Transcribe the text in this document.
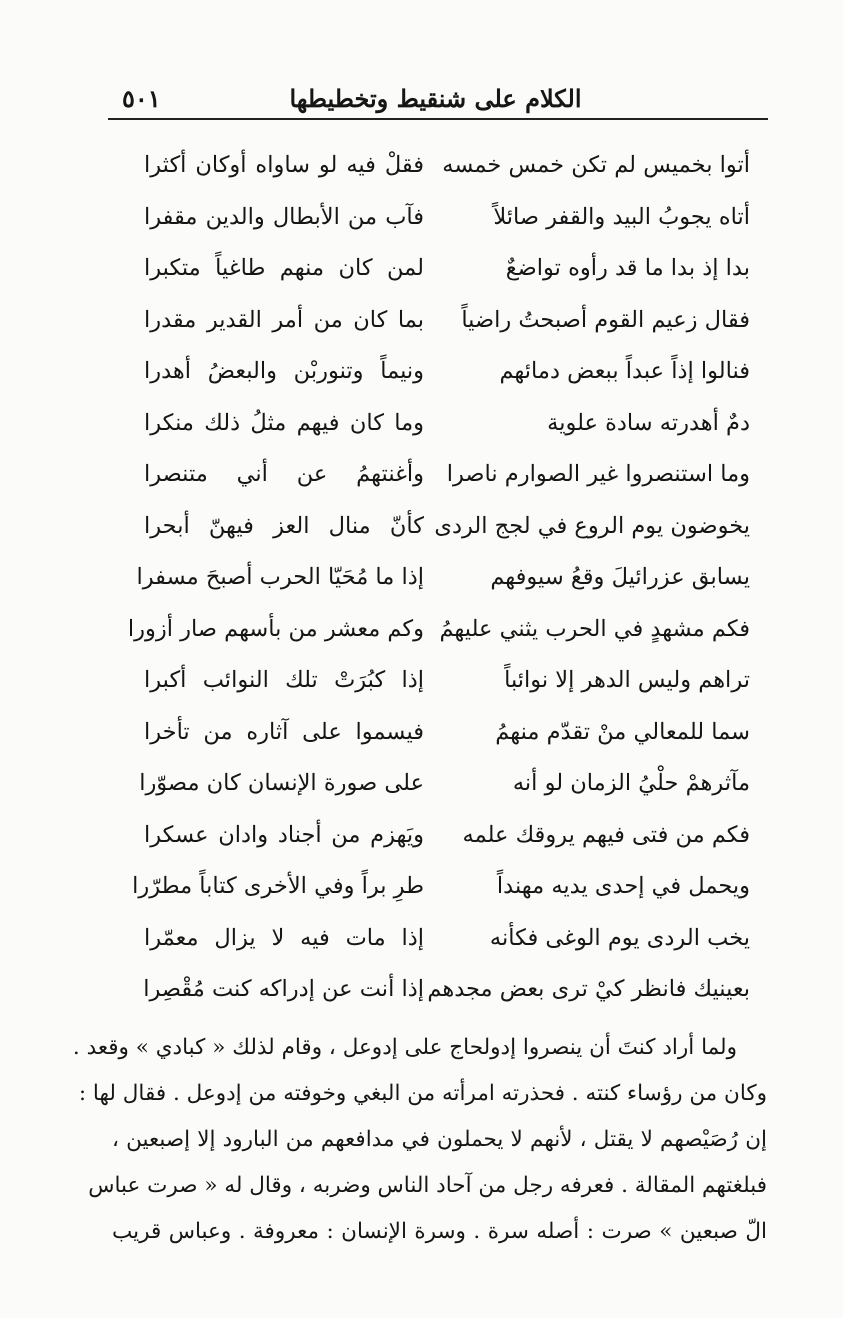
الكلام على شنقيط وتخطيطها
٥٠١
أتوا بخميس لم تكن خمس خمسه
فقلْ فيه لو ساواه أوكان أكثرا
أتاه يجوبُ البيد والقفر صائلاً
فآب من الأبطال والدين مقفرا
بدا إذ بدا ما قد رأوه تواضعٌ
لمن كان منهم طاغياً متكبرا
فقال زعيم القوم أصبحتُ راضياً
بما كان من أمر القدير مقدرا
فنالوا إذاً عبداً ببعض دمائهم
ونيماً وتنوربْن والبعضُ أهدرا
دمٌ أهدرته سادة علوية
وما كان فيهم مثلُ ذلك منكرا
وما استنصروا غير الصوارم ناصرا
وأغنتهمُ عن أني متنصرا
يخوضون يوم الروع في لجج الردى
كأنّ منال العز فيهنّ أبحرا
يسابق عزرائيلَ وقعُ سيوفهم
إذا ما مُحَيّا الحرب أصبحَ مسفرا
فكم مشهدٍ في الحرب يثني عليهمُ
وكم معشر من بأسهم صار أزورا
تراهم وليس الدهر إلا نوائباً
إذا كبُرَتْ تلك النوائب أكبرا
سما للمعالي منْ تقدّم منهمُ
فيسموا على آثاره من تأخرا
مآثرهمْ حلْيُ الزمان لو أنه
على صورة الإنسان كان مصوّرا
فكم من فتى فيهم يروقك علمه
ويَهزم من أجناد وادان عسكرا
ويحمل في إحدى يديه مهنداً
طرِ براً وفي الأخرى كتاباً مطرّرا
يخب الردى يوم الوغى فكأنه
إذا مات فيه لا يزال معمّرا
بعينيك فانظر كيْ ترى بعض مجدهم
إذا أنت عن إدراكه كنت مُقْصِرا
ولما أراد كنتَ أن ينصروا إدولحاج على إدوعل ، وقام لذلك « كبادي » وقعد .
وكان من رؤساء كنته . فحذرته امرأته من البغي وخوفته من إدوعل . فقال لها :
إن رُصَيْصهم لا يقتل ، لأنهم لا يحملون في مدافعهم من البارود إلا إصبعين ،
فبلغتهم المقالة . فعرفه رجل من آحاد الناس وضربه ، وقال له « صرت عباس
الّ صبعين » صرت : أصله سرة . وسرة الإنسان : معروفة . وعباس قريب
